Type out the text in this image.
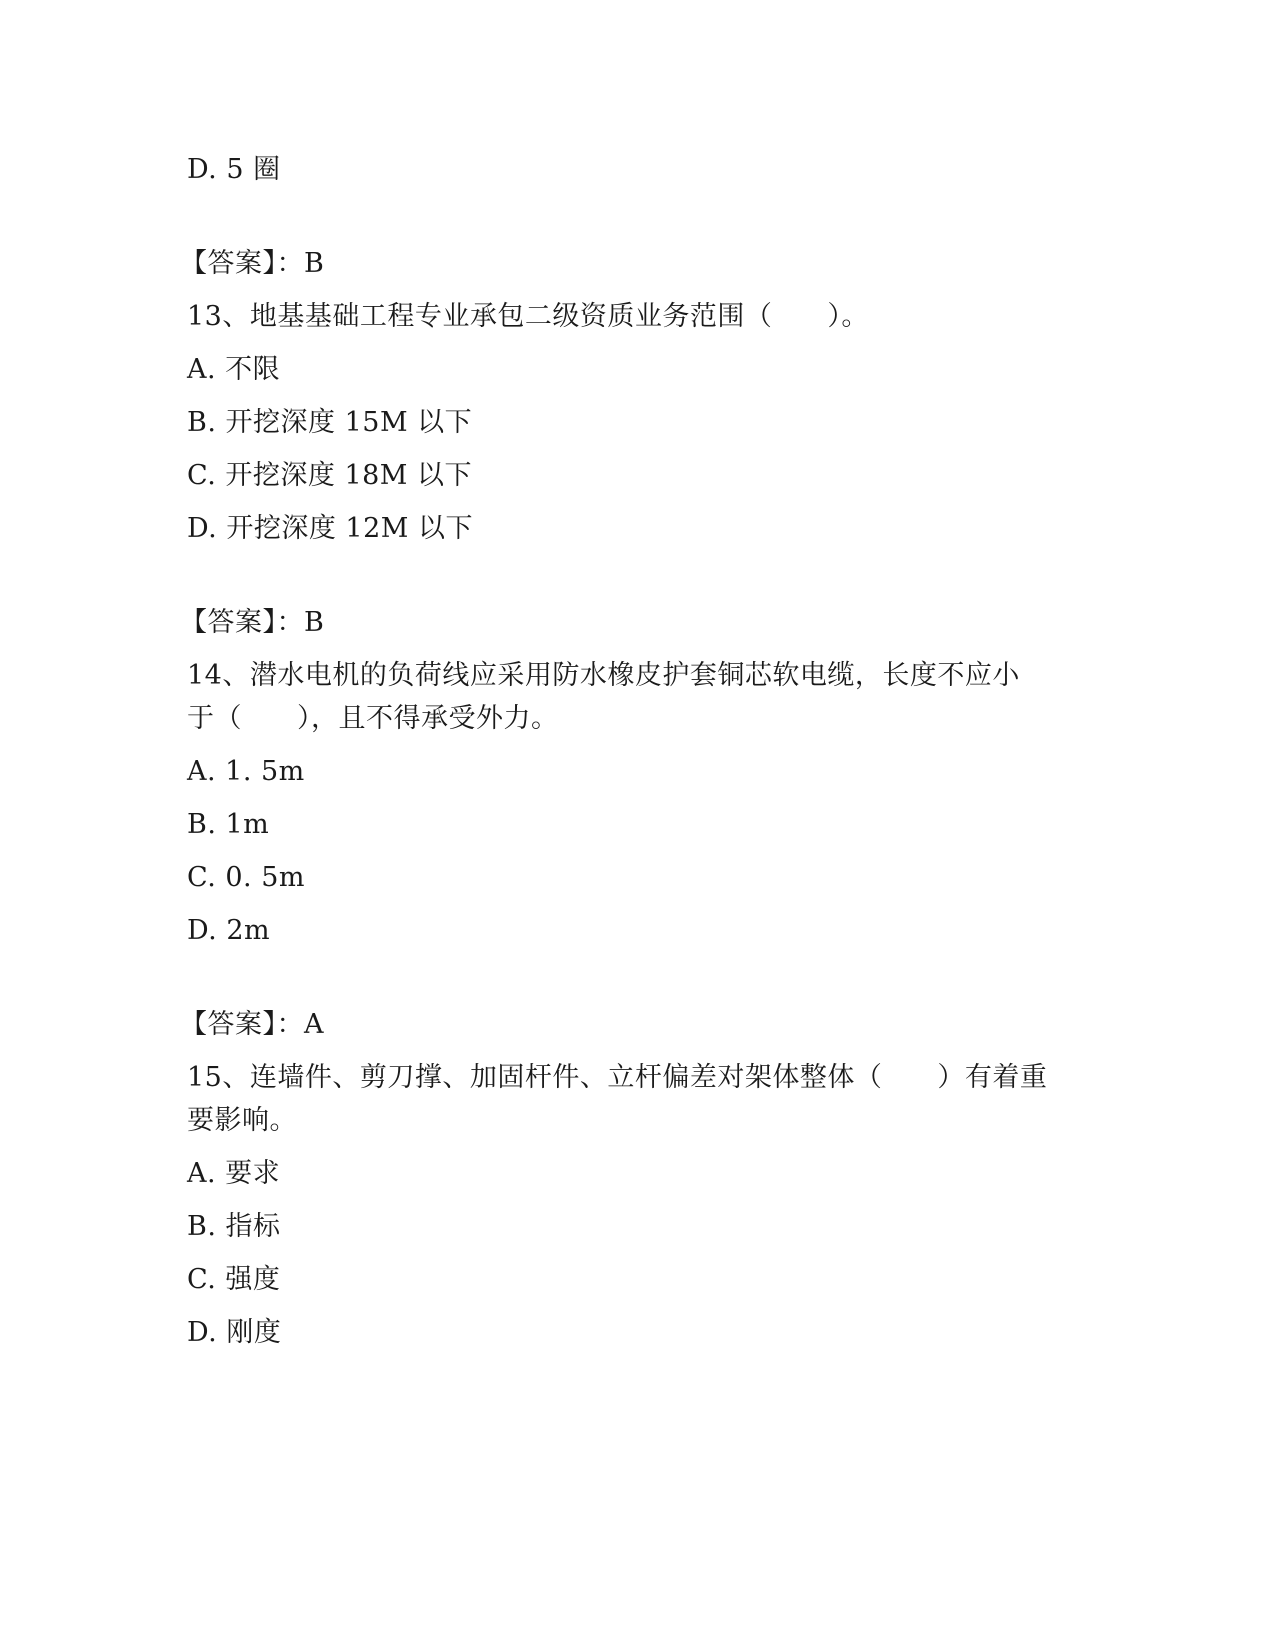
D. 5 圈
【答案】：B
13、地基基础工程专业承包二级资质业务范围（　　）。
A. 不限
B. 开挖深度 15M 以下
C. 开挖深度 18M 以下
D. 开挖深度 12M 以下
【答案】：B
14、潜水电机的负荷线应采用防水橡皮护套铜芯软电缆，长度不应小
于（　　），且不得承受外力。
A. 1. 5m
B. 1m
C. 0. 5m
D. 2m
【答案】：A
15、连墙件、剪刀撑、加固杆件、立杆偏差对架体整体（　　）有着重
要影响。
A. 要求
B. 指标
C. 强度
D. 刚度
